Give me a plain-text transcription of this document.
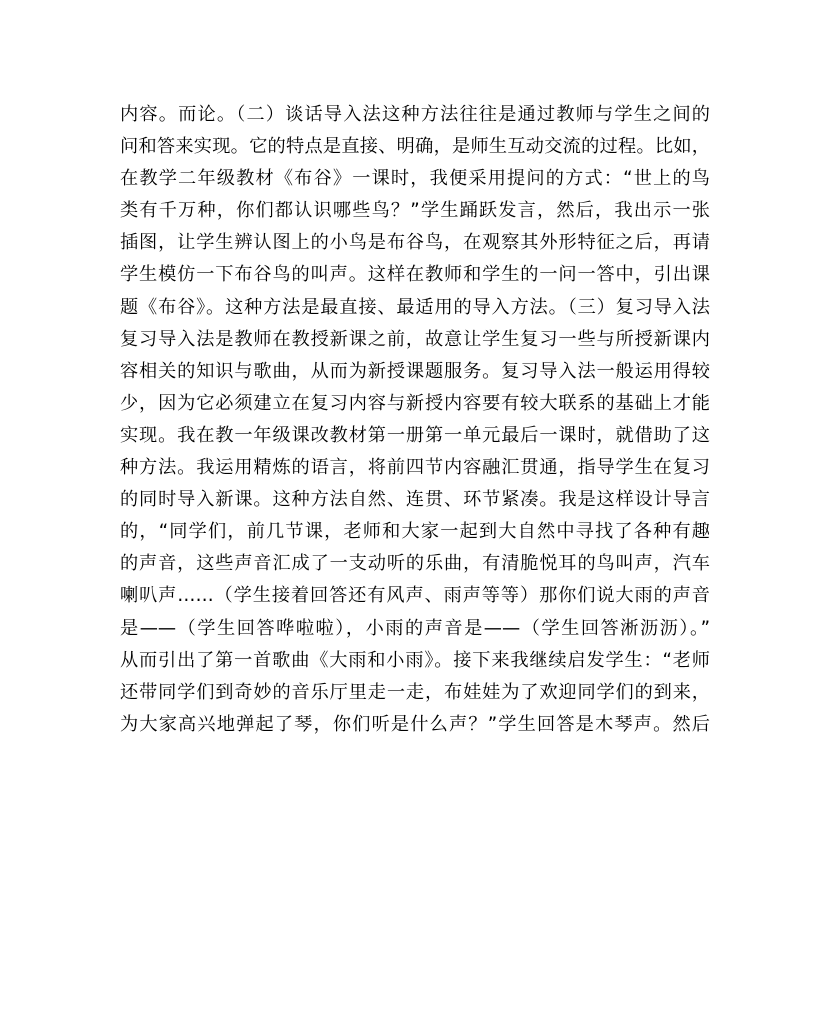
内容。而论。（二）谈话导入法这种方法往往是通过教师与学生之间的
问和答来实现。它的特点是直接、明确，是师生互动交流的过程。比如，
在教学二年级教材《布谷》一课时，我便采用提问的方式：“世上的鸟
类有千万种，你们都认识哪些鸟？”学生踊跃发言，然后，我出示一张
插图，让学生辨认图上的小鸟是布谷鸟，在观察其外形特征之后，再请
学生模仿一下布谷鸟的叫声。这样在教师和学生的一问一答中，引出课
题《布谷》。这种方法是最直接、最适用的导入方法。（三）复习导入法
复习导入法是教师在教授新课之前，故意让学生复习一些与所授新课内
容相关的知识与歌曲，从而为新授课题服务。复习导入法一般运用得较
少，因为它必须建立在复习内容与新授内容要有较大联系的基础上才能
实现。我在教一年级课改教材第一册第一单元最后一课时，就借助了这
种方法。我运用精炼的语言，将前四节内容融汇贯通，指导学生在复习
的同时导入新课。这种方法自然、连贯、环节紧凑。我是这样设计导言
的，“同学们，前几节课，老师和大家一起到大自然中寻找了各种有趣
的声音，这些声音汇成了一支动听的乐曲，有清脆悦耳的鸟叫声，汽车
喇叭声……（学生接着回答还有风声、雨声等等）那你们说大雨的声音
是——（学生回答哗啦啦），小雨的声音是——（学生回答淅沥沥）。”
从而引出了第一首歌曲《大雨和小雨》。接下来我继续启发学生：“老师
还带同学们到奇妙的音乐厅里走一走，布娃娃为了欢迎同学们的到来，
为大家高兴地弹起了琴，你们听是什么声？”学生回答是木琴声。然后
